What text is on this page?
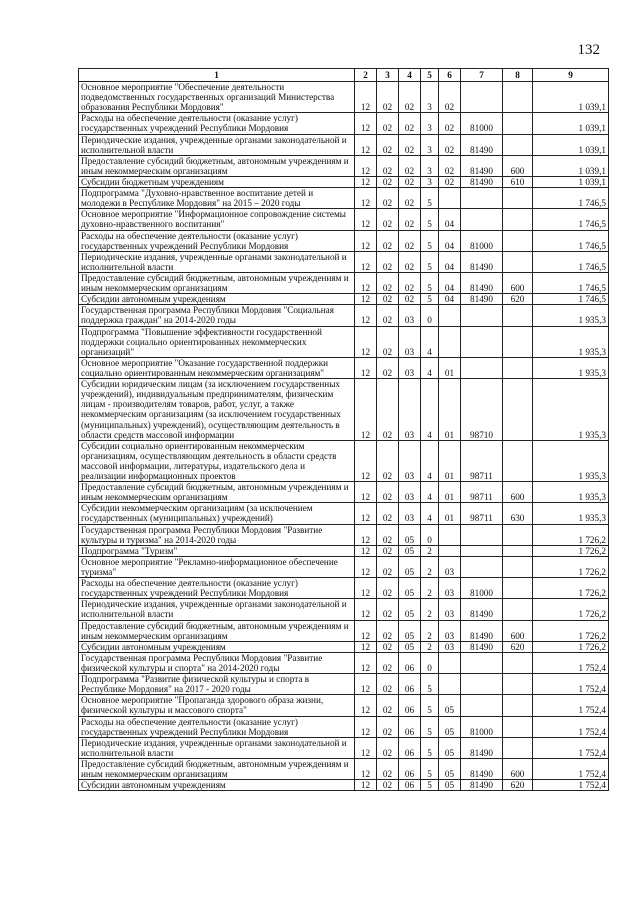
132
1	2	3	4	5	6	7	8	9
Основное мероприятие "Обеспечение деятельности подведомственных государственных организаций Министерства образования Республики Мордовия"	12	02	02	3	02			1 039,1
Расходы на обеспечение деятельности (оказание услуг) государственных учреждений Республики Мордовия	12	02	02	3	02	81000		1 039,1
Периодические издания, учрежденные органами законодательной и исполнительной власти	12	02	02	3	02	81490		1 039,1
Предоставление субсидий бюджетным, автономным учреждениям и иным некоммерческим организациям	12	02	02	3	02	81490	600	1 039,1
Субсидии бюджетным учреждениям	12	02	02	3	02	81490	610	1 039,1
Подпрограмма "Духовно-нравственное воспитание детей и молодежи в Республике Мордовия" на 2015 – 2020 годы	12	02	02	5				1 746,5
Основное мероприятие "Информационное сопровождение системы духовно-нравственного воспитания"	12	02	02	5	04			1 746,5
Расходы на обеспечение деятельности (оказание услуг) государственных учреждений Республики Мордовия	12	02	02	5	04	81000		1 746,5
Периодические издания, учрежденные органами законодательной и исполнительной власти	12	02	02	5	04	81490		1 746,5
Предоставление субсидий бюджетным, автономным учреждениям и иным некоммерческим организациям	12	02	02	5	04	81490	600	1 746,5
Субсидии автономным учреждениям	12	02	02	5	04	81490	620	1 746,5
Государственная программа Республики Мордовия "Социальная поддержка граждан" на 2014-2020 годы	12	02	03	0				1 935,3
Подпрограмма "Повышение эффективности государственной поддержки социально ориентированных некоммерческих организаций"	12	02	03	4				1 935,3
Основное мероприятие "Оказание государственной поддержки социально ориентированным некоммерческим организациям"	12	02	03	4	01			1 935,3
Субсидии юридическим лицам (за исключением государственных учреждений), индивидуальным предпринимателям, физическим лицам - производителям товаров, работ, услуг, а также некоммерческим организациям (за исключением государственных (муниципальных) учреждений), осуществляющим деятельность в области средств массовой информации	12	02	03	4	01	98710		1 935,3
Субсидии социально ориентированным некоммерческим организациям, осуществляющим деятельность в области средств массовой информации, литературы, издательского дела и реализации информационных проектов	12	02	03	4	01	98711		1 935,3
Предоставление субсидий бюджетным, автономным учреждениям и иным некоммерческим организациям	12	02	03	4	01	98711	600	1 935,3
Субсидии некоммерческим организациям (за исключением государственных (муниципальных) учреждений)	12	02	03	4	01	98711	630	1 935,3
Государственная программа Республики Мордовия "Развитие культуры и туризма" на 2014-2020 годы	12	02	05	0				1 726,2
Подпрограмма "Туризм"	12	02	05	2				1 726,2
Основное мероприятие "Рекламно-информационное обеспечение туризма"	12	02	05	2	03			1 726,2
Расходы на обеспечение деятельности (оказание услуг) государственных учреждений Республики Мордовия	12	02	05	2	03	81000		1 726,2
Периодические издания, учрежденные органами законодательной и исполнительной власти	12	02	05	2	03	81490		1 726,2
Предоставление субсидий бюджетным, автономным учреждениям и иным некоммерческим организациям	12	02	05	2	03	81490	600	1 726,2
Субсидии автономным учреждениям	12	02	05	2	03	81490	620	1 726,2
Государственная программа Республики Мордовия "Развитие физической культуры и спорта" на 2014-2020 годы	12	02	06	0				1 752,4
Подпрограмма "Развитие физической культуры и спорта в Республике Мордовия" на 2017 - 2020 годы	12	02	06	5				1 752,4
Основное мероприятие "Пропаганда здорового образа жизни, физической культуры и массового спорта"	12	02	06	5	05			1 752,4
Расходы на обеспечение деятельности (оказание услуг) государственных учреждений Республики Мордовия	12	02	06	5	05	81000		1 752,4
Периодические издания, учрежденные органами законодательной и исполнительной власти	12	02	06	5	05	81490		1 752,4
Предоставление субсидий бюджетным, автономным учреждениям и иным некоммерческим организациям	12	02	06	5	05	81490	600	1 752,4
Субсидии автономным учреждениям	12	02	06	5	05	81490	620	1 752,4
